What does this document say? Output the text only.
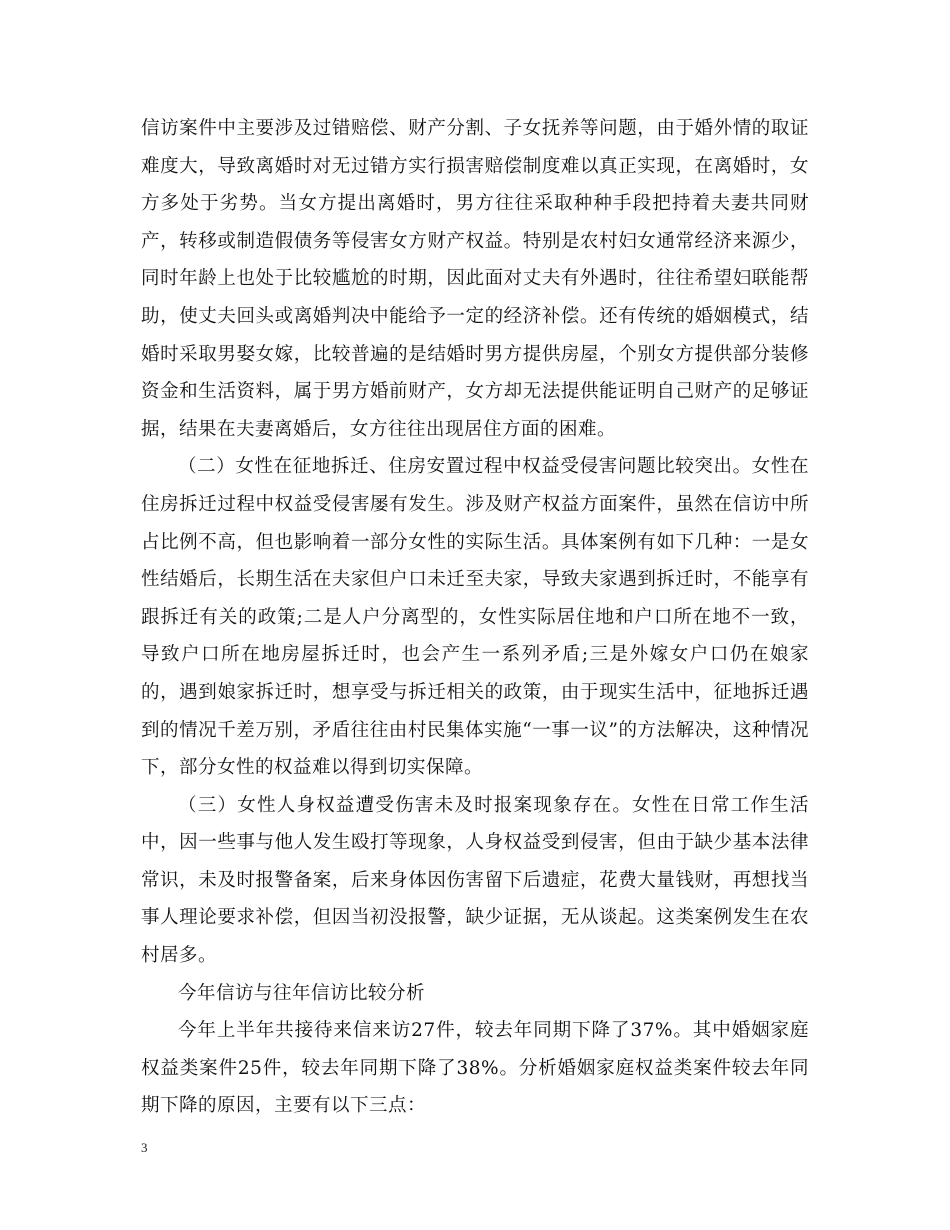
信访案件中主要涉及过错赔偿、财产分割、子女抚养等问题，由于婚外情的取证难度大，导致离婚时对无过错方实行损害赔偿制度难以真正实现，在离婚时，女方多处于劣势。当女方提出离婚时，男方往往采取种种手段把持着夫妻共同财产，转移或制造假债务等侵害女方财产权益。特别是农村妇女通常经济来源少，同时年龄上也处于比较尴尬的时期，因此面对丈夫有外遇时，往往希望妇联能帮助，使丈夫回头或离婚判决中能给予一定的经济补偿。还有传统的婚姻模式，结婚时采取男娶女嫁，比较普遍的是结婚时男方提供房屋，个别女方提供部分装修资金和生活资料，属于男方婚前财产，女方却无法提供能证明自己财产的足够证据，结果在夫妻离婚后，女方往往出现居住方面的困难。

（二）女性在征地拆迁、住房安置过程中权益受侵害问题比较突出。女性在住房拆迁过程中权益受侵害屡有发生。涉及财产权益方面案件，虽然在信访中所占比例不高，但也影响着一部分女性的实际生活。具体案例有如下几种：一是女性结婚后，长期生活在夫家但户口未迁至夫家，导致夫家遇到拆迁时，不能享有跟拆迁有关的政策;二是人户分离型的，女性实际居住地和户口所在地不一致，导致户口所在地房屋拆迁时，也会产生一系列矛盾;三是外嫁女户口仍在娘家的，遇到娘家拆迁时，想享受与拆迁相关的政策，由于现实生活中，征地拆迁遇到的情况千差万别，矛盾往往由村民集体实施“一事一议”的方法解决，这种情况下，部分女性的权益难以得到切实保障。

（三）女性人身权益遭受伤害未及时报案现象存在。女性在日常工作生活中，因一些事与他人发生殴打等现象，人身权益受到侵害，但由于缺少基本法律常识，未及时报警备案，后来身体因伤害留下后遗症，花费大量钱财，再想找当事人理论要求补偿，但因当初没报警，缺少证据，无从谈起。这类案例发生在农村居多。

今年信访与往年信访比较分析

今年上半年共接待来信来访27件，较去年同期下降了37%。其中婚姻家庭权益类案件25件，较去年同期下降了38%。分析婚姻家庭权益类案件较去年同期下降的原因，主要有以下三点：

3
